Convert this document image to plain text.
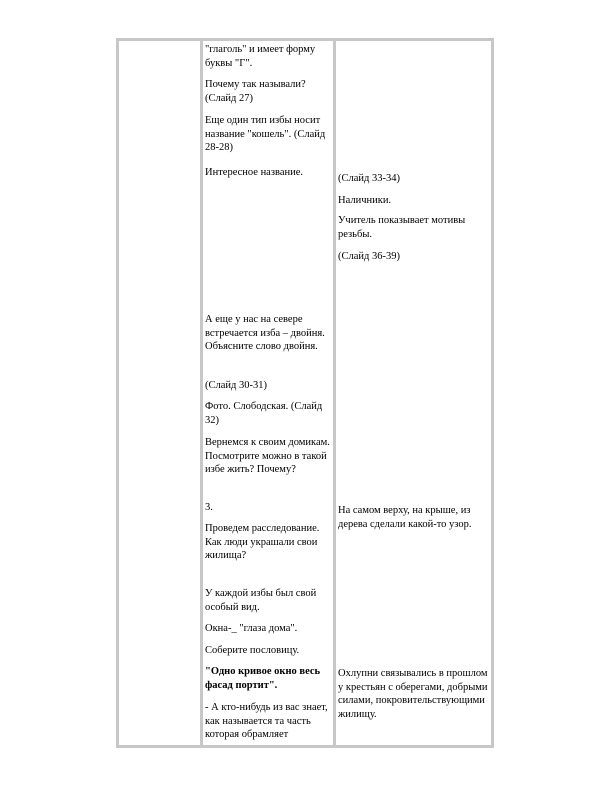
"глаголь" и имеет форму буквы "Г".

Почему так называли? (Слайд 27)

Еще один тип избы носит название "кошель". (Слайд 28-28)

Интересное название.

(Слайд 33-34)

Наличники.

Учитель показывает мотивы резьбы.

(Слайд 36-39)

А еще у нас на севере встречается изба – двойня. Объясните слово двойня.

(Слайд 30-31)

Фото. Слободская. (Слайд 32)

Вернемся к своим домикам. Посмотрите можно в такой избе жить? Почему?

3.

Проведем расследование. Как люди украшали свои жилища?

У каждой избы был свой особый вид.

Окна-_ "глаза дома".

Соберите пословицу.

"Одно кривое окно весь фасад портит".

- А кто-нибудь из вас знает, как называется та часть которая обрамляет

На самом верху, на крыше, из дерева сделали какой-то узор.

Охлупни связывались в прошлом у крестьян с оберегами, добрыми силами, покровительствующими жилищу.
